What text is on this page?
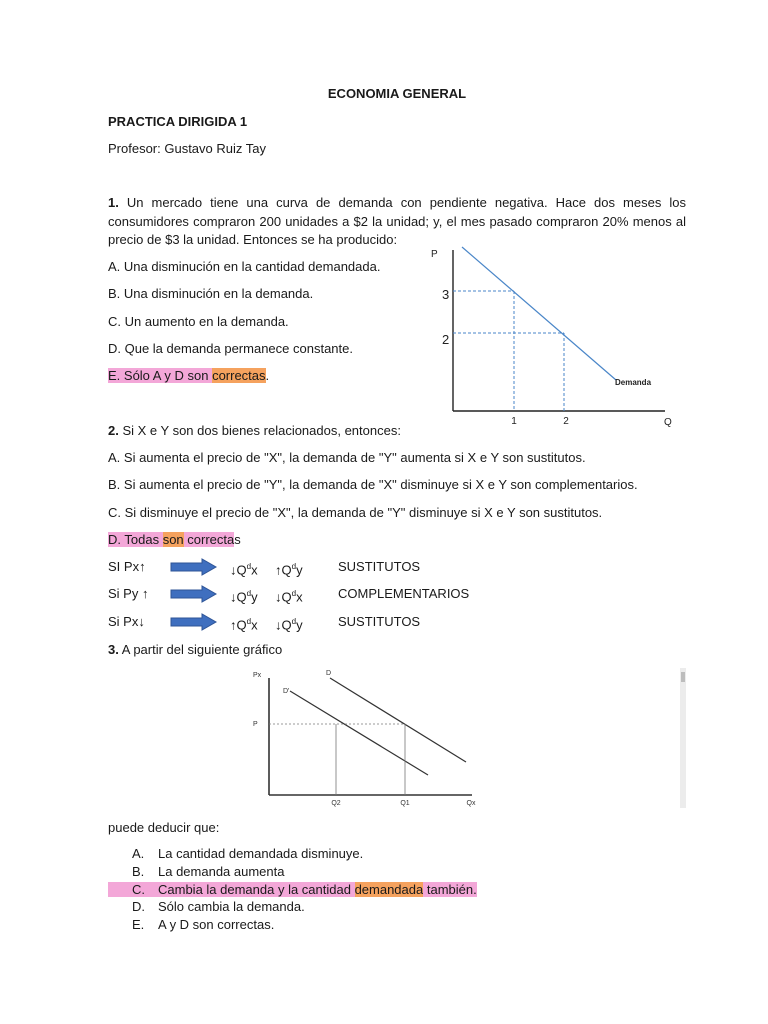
ECONOMIA GENERAL
PRACTICA DIRIGIDA 1
Profesor: Gustavo Ruiz Tay
1. Un mercado tiene una curva de demanda con pendiente negativa. Hace dos meses los consumidores compraron 200 unidades a $2 la unidad; y, el mes pasado compraron 20% menos al precio de $3 la unidad. Entonces se ha producido:
A. Una disminución en la cantidad demandada.
B. Una disminución en la demanda.
C. Un aumento en la demanda.
D. Que la demanda permanece constante.
E. Sólo A y D son correctas.
P
Q
3
2
1	2
Demanda
2. Si X e Y son dos bienes relacionados, entonces:
A. Si aumenta el precio de "X", la demanda de "Y" aumenta si X e Y son sustitutos.
B. Si aumenta el precio de "Y", la demanda de "X" disminuye si X e Y son complementarios.
C. Si disminuye el precio de "X", la demanda de "Y" disminuye si X e Y son sustitutos.
D. Todas son correctas
SI Px↑	$↓Q^dx$ $↑Q^dy$	SUSTITUTOS
Si Py ↑	$↓Q^dy$ $↓Q^dx$	COMPLEMENTARIOS
Si Px↓	$↑Q^dx$ $↓Q^dy$	SUSTITUTOS
3. A partir del siguiente gráfico
Px
P
D
D'
Q2	Q1	Qx
puede deducir que:
A. La cantidad demandada disminuye.
B. La demanda aumenta
C. Cambia la demanda y la cantidad demandada también.
D. Sólo cambia la demanda.
E. A y D son correctas.
